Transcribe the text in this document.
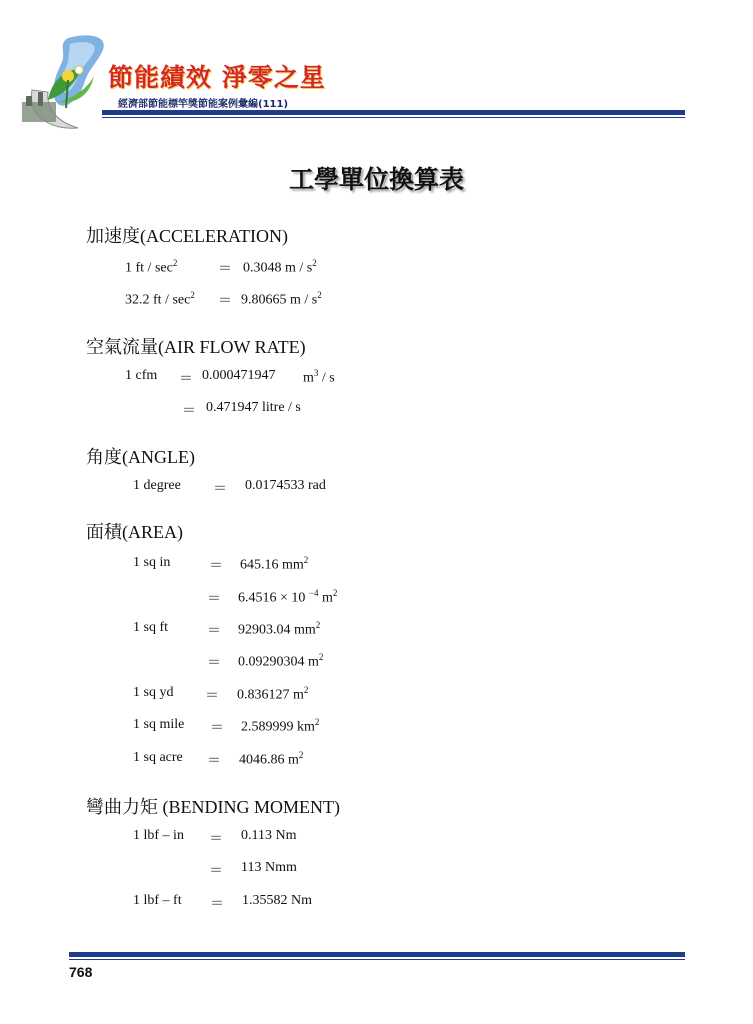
節能績效 淨零之星
經濟部節能標竿獎節能案例彙編(111)
工學單位換算表
加速度(ACCELERATION)
1 ft / $\sec^2$	＝ 0.3048 m / $s^2$
32.2 ft / $\sec^2 = 9.80665$ m / $s^2$
空氣流量(AIR FLOW RATE)
1 cfm ＝ 0.000471947 $m^3$ / s
＝ 0.471947 litre / s
角度(ANGLE)
1 degree ＝ 0.0174533 rad
面積(AREA)
1 sq in	＝ 645.16 $mm^2$
＝ 6.4516 × 10 $^{-4}$ $m^2$
1 sq ft	＝ 92903.04 $mm^2$
＝ 0.09290304 $m^2$
1 sq yd ＝ 0.836127 $m^2$
1 sq mile ＝ 2.589999 $km^2$
1 sq acre ＝ 4046.86 $m^2$
彎曲力矩 (BENDING MOMENT)
1 lbf – in ＝ 0.113 Nm
＝ 113 Nmm
1 lbf – ft ＝ 1.35582 Nm
768
